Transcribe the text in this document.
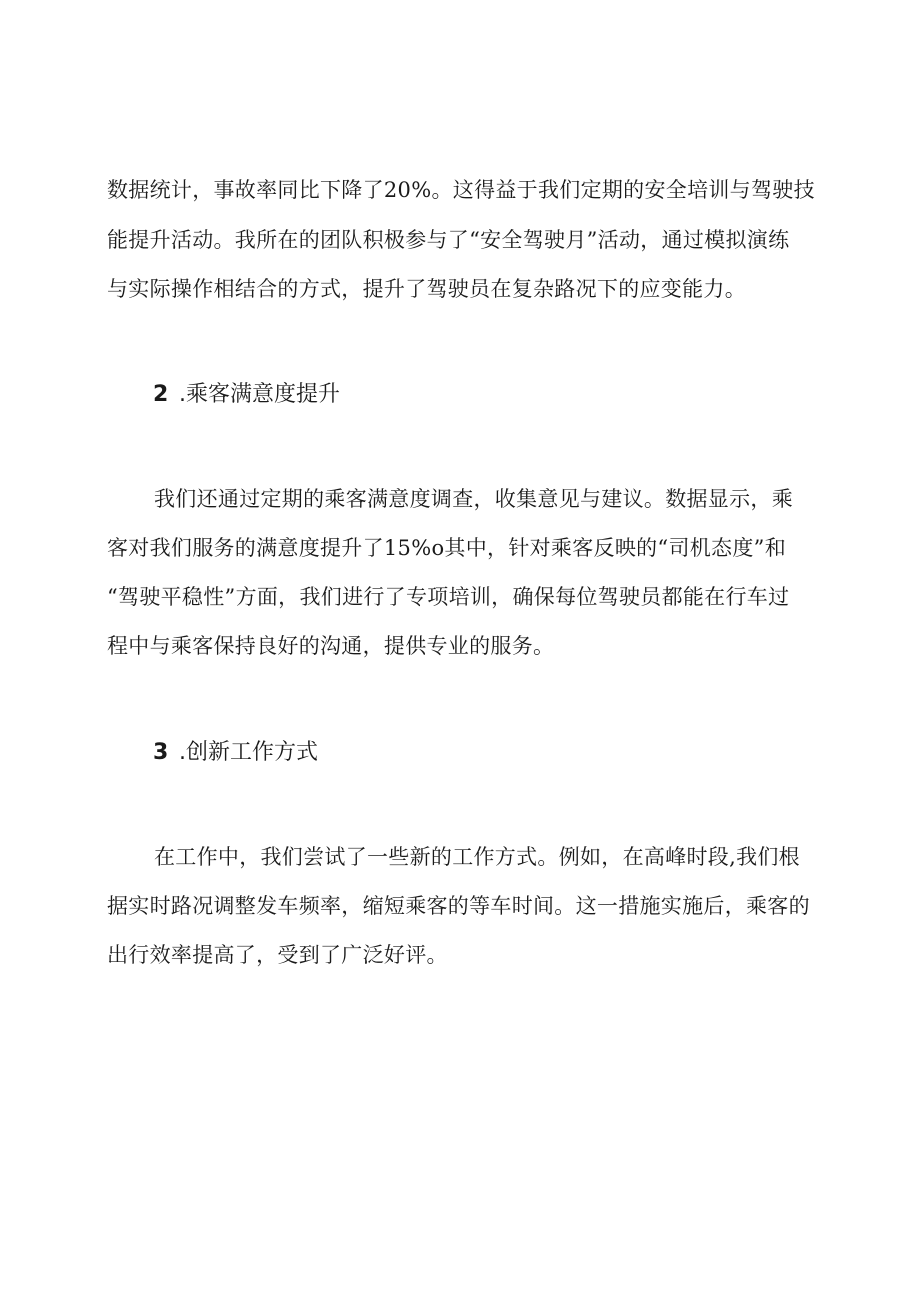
数据统计，事故率同比下降了20%。这得益于我们定期的安全培训与驾驶技
能提升活动。我所在的团队积极参与了“安全驾驶月”活动，通过模拟演练
与实际操作相结合的方式，提升了驾驶员在复杂路况下的应变能力。
2 .乘客满意度提升
我们还通过定期的乘客满意度调查，收集意见与建议。数据显示，乘
客对我们服务的满意度提升了15%o其中，针对乘客反映的“司机态度”和
“驾驶平稳性”方面，我们进行了专项培训，确保每位驾驶员都能在行车过
程中与乘客保持良好的沟通，提供专业的服务。
3 .创新工作方式
在工作中，我们尝试了一些新的工作方式。例如，在高峰时段,我们根
据实时路况调整发车频率，缩短乘客的等车时间。这一措施实施后，乘客的
出行效率提高了，受到了广泛好评。
